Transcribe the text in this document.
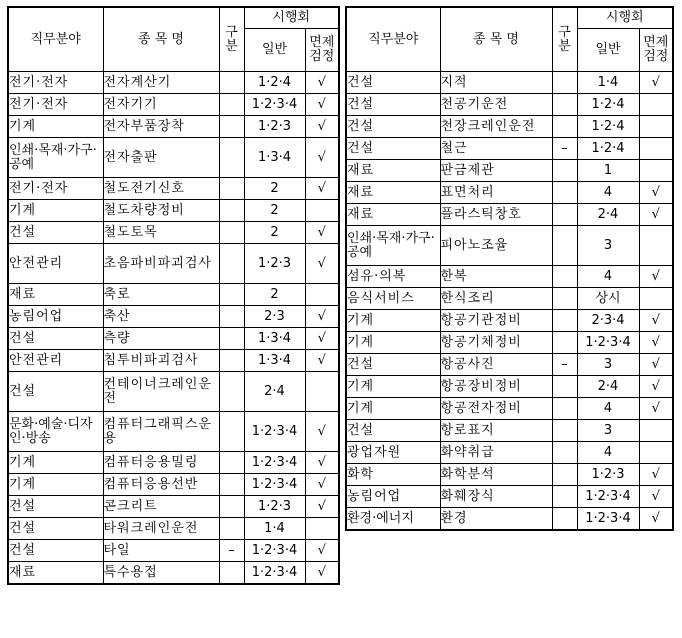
직무분야	종 목 명	구
분	시행회	
			일반	면제
검정

전기·전자	전자계산기		1·2·4	√
전기·전자	전자기기		1·2·3·4	√
기계	전자부품장착		1·2·3	√
인쇄·목재·가구·공예	전자출판		1·3·4	√
전기·전자	철도전기신호		2	√
기계	철도차량정비		2	
건설	철도토목		2	√
안전관리	초음파비파괴검사		1·2·3	√
재료	축로		2	
농림어업	축산		2·3	√
건설	측량		1·3·4	√
안전관리	침투비파괴검사		1·3·4	√
건설	컨테이너크레인운전		2·4	
문화·예술·디자인·방송	컴퓨터그래픽스운용		1·2·3·4	√
기계	컴퓨터응용밀링		1·2·3·4	√
기계	컴퓨터응용선반		1·2·3·4	√
건설	콘크리트		1·2·3	√
건설	타워크레인운전		1·4	
건설	타일	–	1·2·3·4	√
재료	특수용접		1·2·3·4	√
직무분야	종 목 명	구
분	시행회	
			일반	면제
검정

건설	지적		1·4	√
건설	천공기운전		1·2·4	
건설	천장크레인운전		1·2·4	
건설	철근	–	1·2·4	
재료	판금제관		1	
재료	표면처리		4	√
재료	플라스틱창호		2·4	√
인쇄·목재·가구·공예	피아노조율		3	
섬유·의복	한복		4	√
음식서비스	한식조리		상시	
기계	항공기관정비		2·3·4	√
기계	항공기체정비		1·2·3·4	√
건설	항공사진	–	3	√
기계	항공장비정비		2·4	√
기계	항공전자정비		4	√
건설	항로표지		3	
광업자원	화약취급		4	
화학	화학분석		1·2·3	√
농림어업	화훼장식		1·2·3·4	√
환경·에너지	환경		1·2·3·4	√
